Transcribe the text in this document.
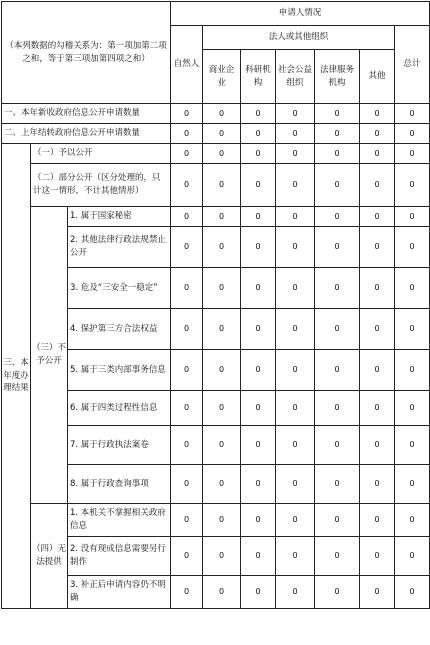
（本列数据的勾稽关系为：第一项加第二项之和，等于第三项加第四项之和）			申请人情况						
			自然人	法人或其他组织					总计
				商业企业	科研机构	社会公益组织	法律服务机构	其他	
一、本年新收政府信息公开申请数量			0	0	0	0	0	0	0
二、上年结转政府信息公开申请数量			0	0	0	0	0	0	0
三、本年度办理结果	（一）予以公开		0	0	0	0	0	0	0
	（二）部分公开（区分处理的，只计这一情形，不计其他情形）		0	0	0	0	0	0	0
	（三）不予公开	1. 属于国家秘密	0	0	0	0	0	0	0
		2. 其他法律行政法规禁止公开	0	0	0	0	0	0	0
		3. 危及“三安全一稳定”	0	0	0	0	0	0	0
		4. 保护第三方合法权益	0	0	0	0	0	0	0
		5. 属于三类内部事务信息	0	0	0	0	0	0	0
		6. 属于四类过程性信息	0	0	0	0	0	0	0
		7. 属于行政执法案卷	0	0	0	0	0	0	0
		8. 属于行政查询事项	0	0	0	0	0	0	0
	（四）无法提供	1. 本机关不掌握相关政府信息	0	0	0	0	0	0	0
		2. 没有现成信息需要另行制作	0	0	0	0	0	0	0
		3. 补正后申请内容仍不明确	0	0	0	0	0	0	0
